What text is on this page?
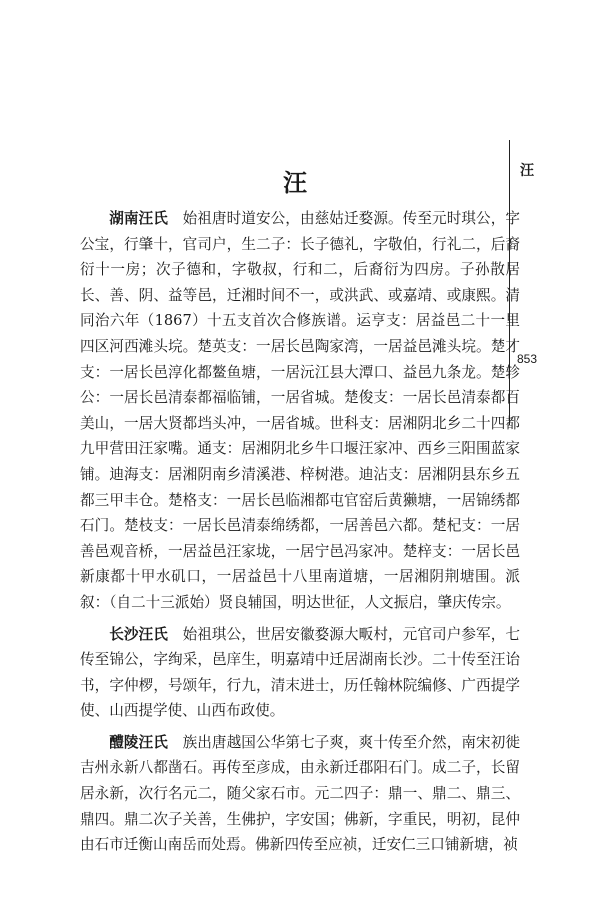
汪	汪
853

湖南汪氏　 始祖唐时道安公，由慈姑迁婺源。传至元时琪公，字公宝，行肇十，官司户，生二子：长子德礼，字敬伯，行礼二，后裔衍十一房；次子德和，字敬叔，行和二，后裔衍为四房。子孙散居长、善、阴、益等邑，迁湘时间不一，或洪武、或嘉靖、或康熙。清同治六年（1867）十五支首次合修族谱。运亨支：居益邑二十一里四区河西滩头垸。楚英支：一居长邑陶家湾，一居益邑滩头垸。楚才支：一居长邑淳化都鳌鱼塘，一居沅江县大潭口、益邑九条龙。楚轸公：一居长邑清泰都福临铺，一居省城。楚俊支：一居长邑清泰都百美山，一居大贤都垱头冲，一居省城。世科支：居湘阴北乡二十四都九甲营田汪家嘴。通支：居湘阴北乡牛口堰汪家冲、西乡三阳围蓝家铺。迪海支：居湘阴南乡清溪港、梓树港。迪沾支：居湘阴县东乡五都三甲丰仓。楚格支：一居长邑临湘都屯官窑后黄獭塘，一居锦绣都石门。楚枝支：一居长邑清泰绵绣都，一居善邑六都。楚杞支：一居善邑观音桥，一居益邑汪家垅，一居宁邑冯家冲。楚梓支：一居长邑新康都十甲水矶口，一居益邑十八里南道塘，一居湘阴荆塘围。派叙：（自二十三派始）贤良辅国，明达世征，人文振启，肇庆传宗。

长沙汪氏　 始祖琪公，世居安徽婺源大畈村，元官司户参军，七传至锦公，字绚采，邑庠生，明嘉靖中迁居湖南长沙。二十传至汪诒书，字仲椤，号颂年，行九，清末进士，历任翰林院编修、广西提学使、山西提学使、山西布政使。

醴陵汪氏　 族出唐越国公华第七子爽，爽十传至介然，南宋初徙吉州永新八都凿石。再传至彦成，由永新迁郡阳石门。成二子，长留居永新，次行名元二，随父家石市。元二四子：鼎一、鼎二、鼎三、鼎四。鼎二次子关善，生佛护，字安国；佛新，字重民，明初，昆仲由石市迁衡山南岳而处焉。佛新四传至应祯，迁安仁三口铺新塘，祯
